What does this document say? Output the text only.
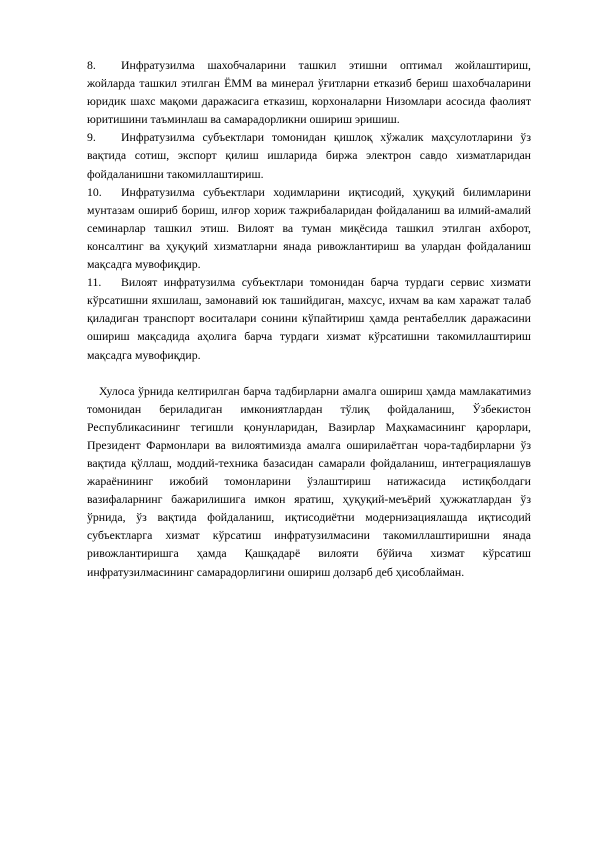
8. Инфратузилма шахобчаларини ташкил этишни оптимал жойлаштириш, жойларда ташкил этилган ЁММ ва минерал ўғитларни етказиб бериш шахобчаларини юридик шахс мақоми даражасига етказиш, корхоналарни Низомлари асосида фаолият юритишини таъминлаш ва самарадорликни ошириш эришиш.

9. Инфратузилма субъектлари томонидан қишлоқ хўжалик маҳсулотларини ўз вақтида сотиш, экспорт қилиш ишларида биржа электрон савдо хизматларидан фойдаланишни такомиллаштириш.

10. Инфратузилма субъектлари ходимларини иқтисодий, ҳуқуқий билимларини мунтазам ошириб бориш, илғор хориж тажрибаларидан фойдаланиш ва илмий-амалий семинарлар ташкил этиш. Вилоят ва туман миқёсида ташкил этилган ахборот, консалтинг ва ҳуқуқий хизматларни янада ривожлантириш ва улардан фойдаланиш мақсадга мувофиқдир.

11. Вилоят инфратузилма субъектлари томонидан барча турдаги сервис хизмати кўрсатишни яхшилаш, замонавий юк ташийдиган, махсус, ихчам ва кам харажат талаб қиладиган транспорт воситалари сонини кўпайтириш ҳамда рентабеллик даражасини ошириш мақсадида аҳолига барча турдаги хизмат кўрсатишни такомиллаштириш мақсадга мувофиқдир.

Хулоса ўрнида келтирилган барча тадбирларни амалга ошириш ҳамда мамлакатимиз томонидан бериладиган имкониятлардан тўлиқ фойдаланиш, Ўзбекистон Республикасининг тегишли қонунларидан, Вазирлар Маҳкамасининг қарорлари, Президент Фармонлари ва вилоятимизда амалга оширилаётган чора-тадбирларни ўз вақтида қўллаш, моддий-техника базасидан самарали фойдаланиш, интеграциялашув жараёнининг ижобий томонларини ўзлаштириш натижасида истиқболдаги вазифаларнинг бажарилишига имкон яратиш, ҳуқуқий-меъёрий ҳужжатлардан ўз ўрнида, ўз вақтида фойдаланиш, иқтисодиётни модернизациялашда иқтисодий субъектларга хизмат кўрсатиш инфратузилмасини такомиллаштиришни янада ривожлантиришга ҳамда Қашқадарё вилояти бўйича хизмат кўрсатиш инфратузилмасининг самарадорлигини ошириш долзарб деб ҳисоблайман.
